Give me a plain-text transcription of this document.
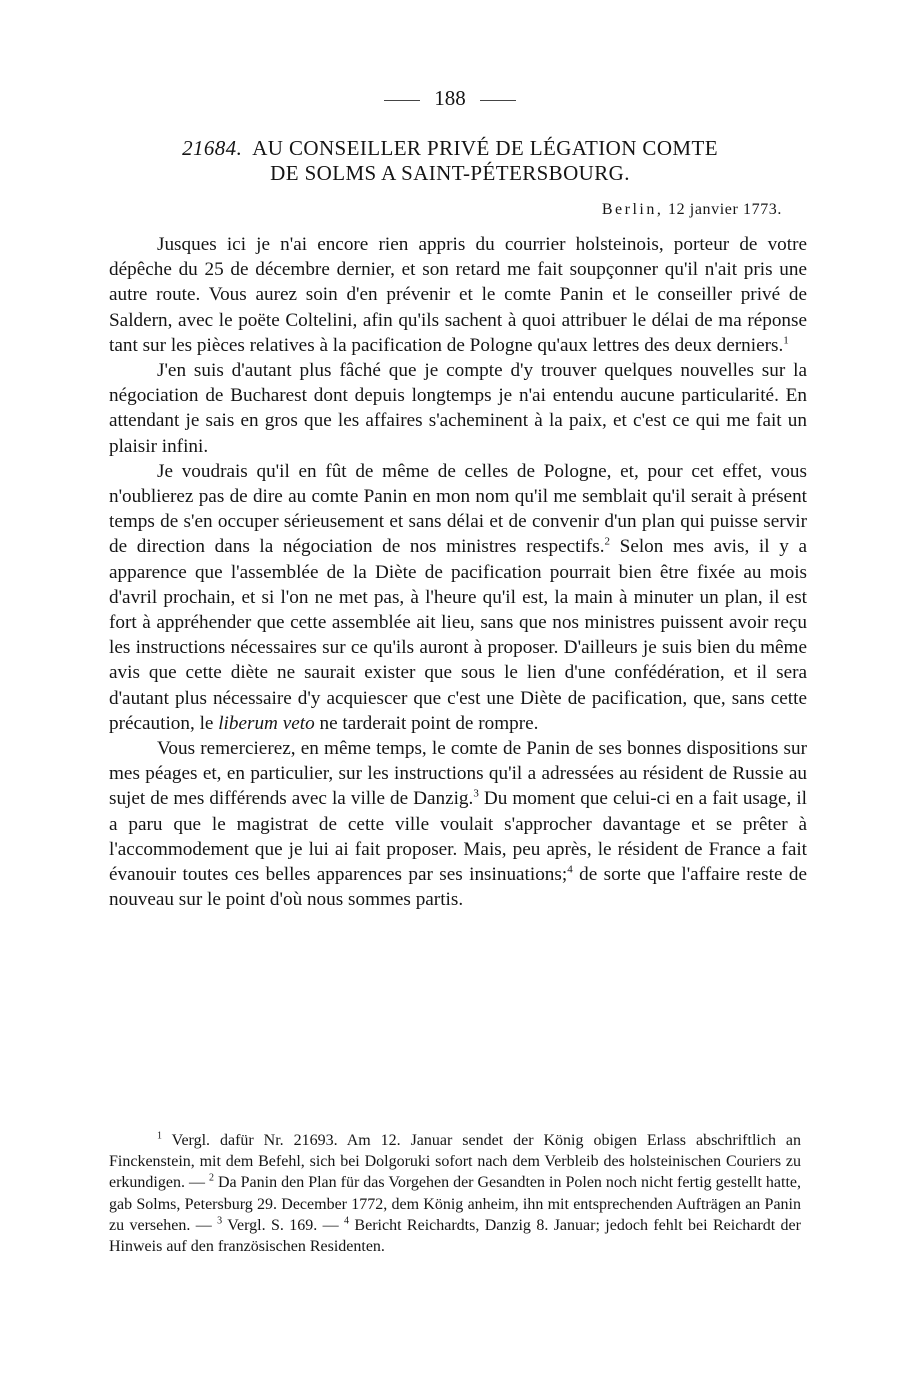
188
21684. AU CONSEILLER PRIVÉ DE LÉGATION COMTE
DE SOLMS A SAINT-PÉTERSBOURG.
Berlin, 12 janvier 1773.

Jusques ici je n'ai encore rien appris du courrier holsteinois, porteur de votre dépêche du 25 de décembre dernier, et son retard me fait soupçonner qu'il n'ait pris une autre route. Vous aurez soin d'en prévenir et le comte Panin et le conseiller privé de Saldern, avec le poëte Coltelini, afin qu'ils sachent à quoi attribuer le délai de ma réponse tant sur les pièces relatives à la pacification de Pologne qu'aux lettres des deux derniers.$^1$

J'en suis d'autant plus fâché que je compte d'y trouver quelques nouvelles sur la négociation de Bucharest dont depuis longtemps je n'ai entendu aucune particularité. En attendant je sais en gros que les affaires s'acheminent à la paix, et c'est ce qui me fait un plaisir infini.

Je voudrais qu'il en fût de même de celles de Pologne, et, pour cet effet, vous n'oublierez pas de dire au comte Panin en mon nom qu'il me semblait qu'il serait à présent temps de s'en occuper sérieusement et sans délai et de convenir d'un plan qui puisse servir de direction dans la négociation de nos ministres respectifs.$^2$ Selon mes avis, il y a apparence que l'assemblée de la Diète de pacification pourrait bien être fixée au mois d'avril prochain, et si l'on ne met pas, à l'heure qu'il est, la main à minuter un plan, il est fort à appréhender que cette assemblée ait lieu, sans que nos ministres puissent avoir reçu les instructions nécessaires sur ce qu'ils auront à proposer. D'ailleurs je suis bien du même avis que cette diète ne saurait exister que sous le lien d'une confédération, et il sera d'autant plus nécessaire d'y acquiescer que c'est une Diète de pacification, que, sans cette précaution, le liberum veto ne tarderait point de rompre.

Vous remercierez, en même temps, le comte de Panin de ses bonnes dispositions sur mes péages et, en particulier, sur les instructions qu'il a adressées au résident de Russie au sujet de mes différends avec la ville de Danzig.$^3$ Du moment que celui-ci en a fait usage, il a paru que le magistrat de cette ville voulait s'approcher davantage et se prêter à l'accommodement que je lui ai fait proposer. Mais, peu après, le résident de France a fait évanouir toutes ces belles apparences par ses insinuations;$^4$ de sorte que l'affaire reste de nouveau sur le point d'où nous sommes partis.

$^1$ Vergl. dafür Nr. 21693. Am 12. Januar sendet der König obigen Erlass abschriftlich an Finckenstein, mit dem Befehl, sich bei Dolgoruki sofort nach dem Verbleib des holsteinischen Couriers zu erkundigen. — $^2$ Da Panin den Plan für das Vorgehen der Gesandten in Polen noch nicht fertig gestellt hatte, gab Solms, Petersburg 29. December 1772, dem König anheim, ihn mit entsprechenden Aufträgen an Panin zu versehen. — $^3$ Vergl. S. 169. — $^4$ Bericht Reichardts, Danzig 8. Januar; jedoch fehlt bei Reichardt der Hinweis auf den französischen Residenten.
